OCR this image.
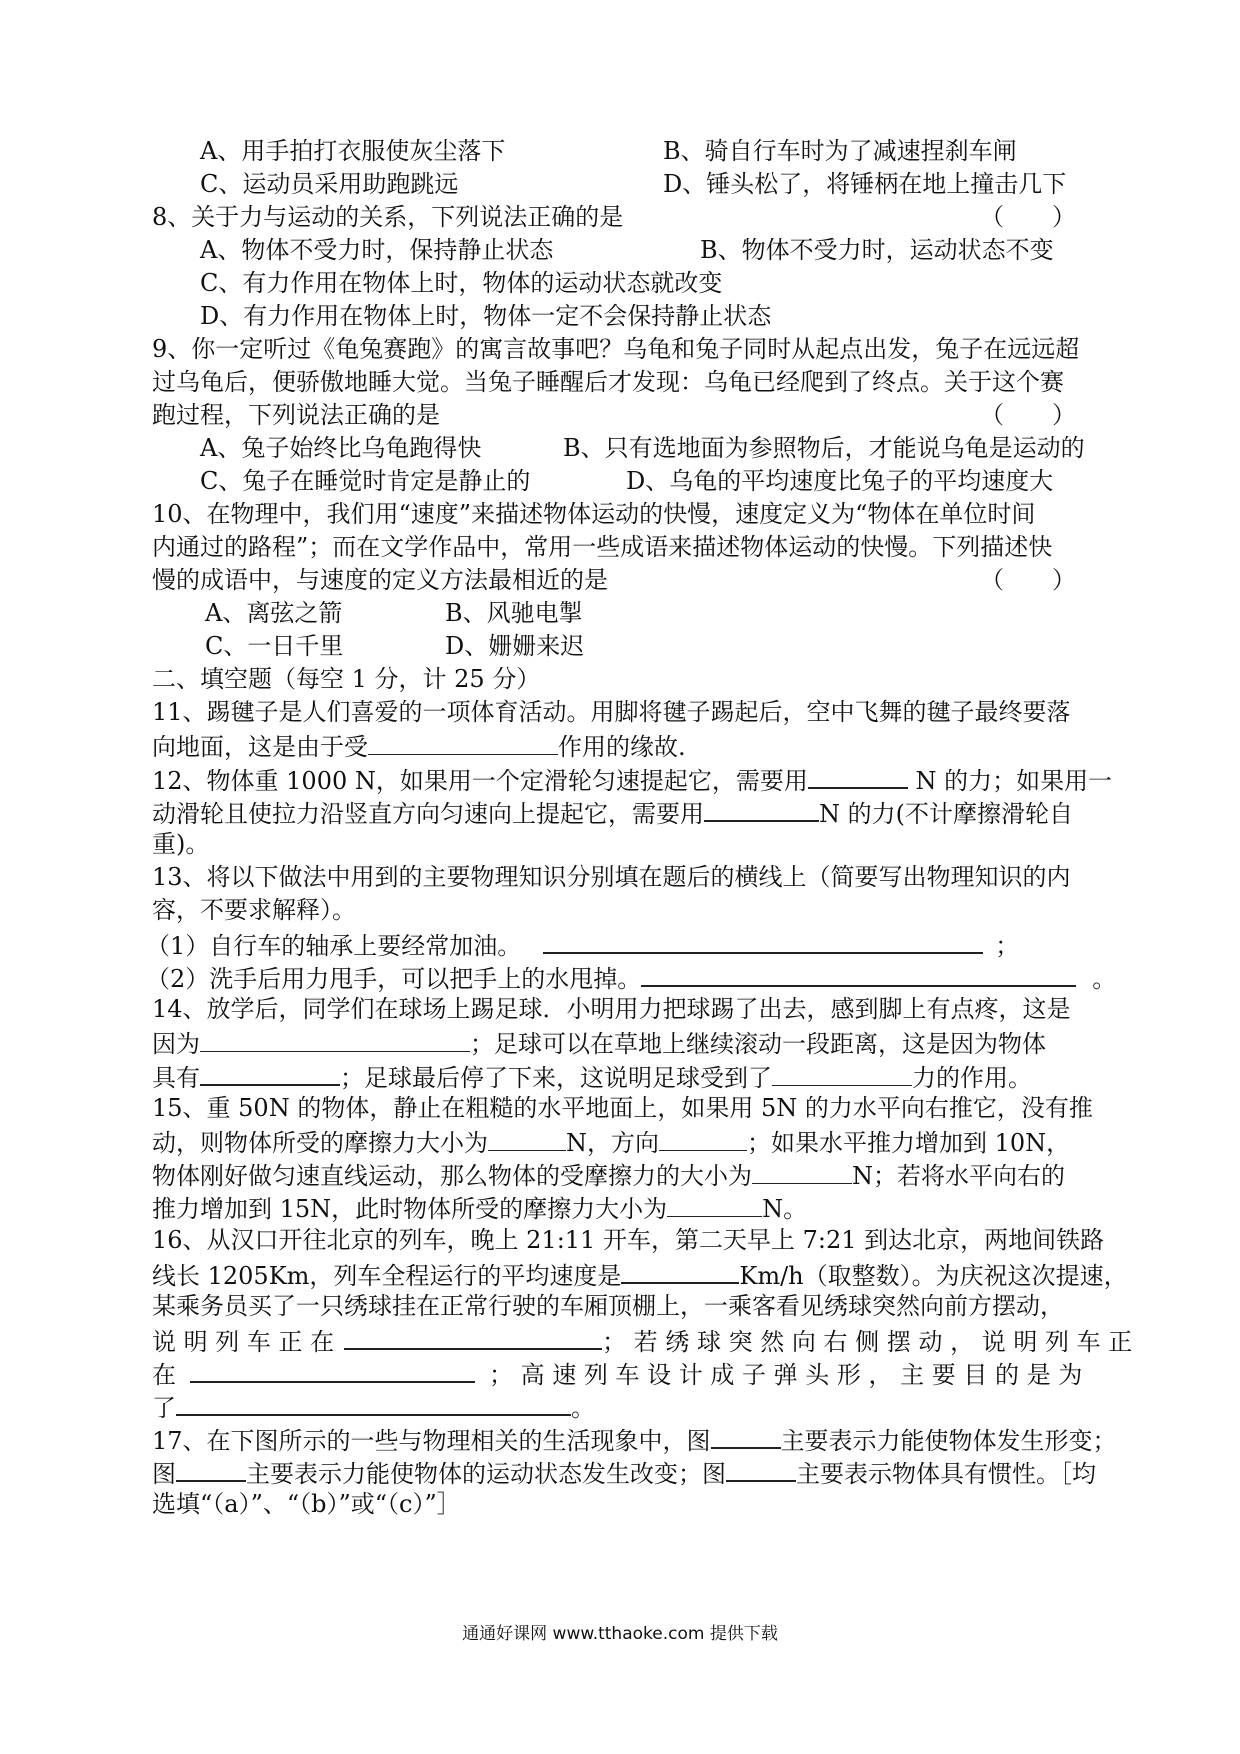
A、用手拍打衣服使灰尘落下	B、骑自行车时为了减速捏刹车闸
C、运动员采用助跑跳远	D、锤头松了，将锤柄在地上撞击几下
8、关于力与运动的关系，下列说法正确的是	（　　）
A、物体不受力时，保持静止状态	B、物体不受力时，运动状态不变
C、有力作用在物体上时，物体的运动状态就改变
D、有力作用在物体上时，物体一定不会保持静止状态
9、你一定听过《龟兔赛跑》的寓言故事吧？乌龟和兔子同时从起点出发，兔子在远远超
过乌龟后，便骄傲地睡大觉。当兔子睡醒后才发现：乌龟已经爬到了终点。关于这个赛
跑过程，下列说法正确的是	（　　）
A、兔子始终比乌龟跑得快	B、只有选地面为参照物后，才能说乌龟是运动的
C、兔子在睡觉时肯定是静止的	D、乌龟的平均速度比兔子的平均速度大
10、在物理中，我们用“速度”来描述物体运动的快慢，速度定义为“物体在单位时间
内通过的路程”；而在文学作品中，常用一些成语来描述物体运动的快慢。下列描述快
慢的成语中，与速度的定义方法最相近的是	（　　）
A、离弦之箭	B、风驰电掣
C、一日千里	D、姗姗来迟
二、填空题（每空 1 分，计 25 分）
11、踢毽子是人们喜爱的一项体育活动。用脚将毽子踢起后，空中飞舞的毽子最终要落
向地面，这是由于受	作用的缘故.
12、物体重 1000 N，如果用一个定滑轮匀速提起它，需要用	N 的力；如果用一
动滑轮且使拉力沿竖直方向匀速向上提起它，需要用	N 的力(不计摩擦滑轮自
重)。
13、将以下做法中用到的主要物理知识分别填在题后的横线上（简要写出物理知识的内
容，不要求解释）。
（1）自行车的轴承上要经常加油。	；
（2）洗手后用力甩手，可以把手上的水甩掉。	。
14、放学后，同学们在球场上踢足球．小明用力把球踢了出去，感到脚上有点疼，这是
因为	；足球可以在草地上继续滚动一段距离，这是因为物体
具有	；足球最后停了下来，这说明足球受到了	力的作用。
15、重 50N 的物体，静止在粗糙的水平地面上，如果用 5N 的力水平向右推它，没有推
动，则物体所受的摩擦力大小为	N，方向	；如果水平推力增加到 10N，
物体刚好做匀速直线运动，那么物体的受摩擦力的大小为	N；若将水平向右的
推力增加到 15N，此时物体所受的摩擦力大小为	N。
16、从汉口开往北京的列车，晚上 21:11 开车，第二天早上 7:21 到达北京，两地间铁路
线长 1205Km，列车全程运行的平均速度是	Km/h（取整数）。为庆祝这次提速，
某乘务员买了一只绣球挂在正常行驶的车厢顶棚上，一乘客看见绣球突然向前方摆动，
说 明 列 车 正 在	； 若 绣 球 突 然 向 右 侧 摆 动 ， 说 明 列 车 正
在	； 高 速 列 车 设 计 成 子 弹 头 形 ， 主 要 目 的 是 为
了	。
17、在下图所示的一些与物理相关的生活现象中，图	主要表示力能使物体发生形变；
图	主要表示力能使物体的运动状态发生改变；图	主要表示物体具有惯性。［均
选填“（a）”、“（b）”或“（c）”］
通通好课网 www.tthaoke.com 提供下载
